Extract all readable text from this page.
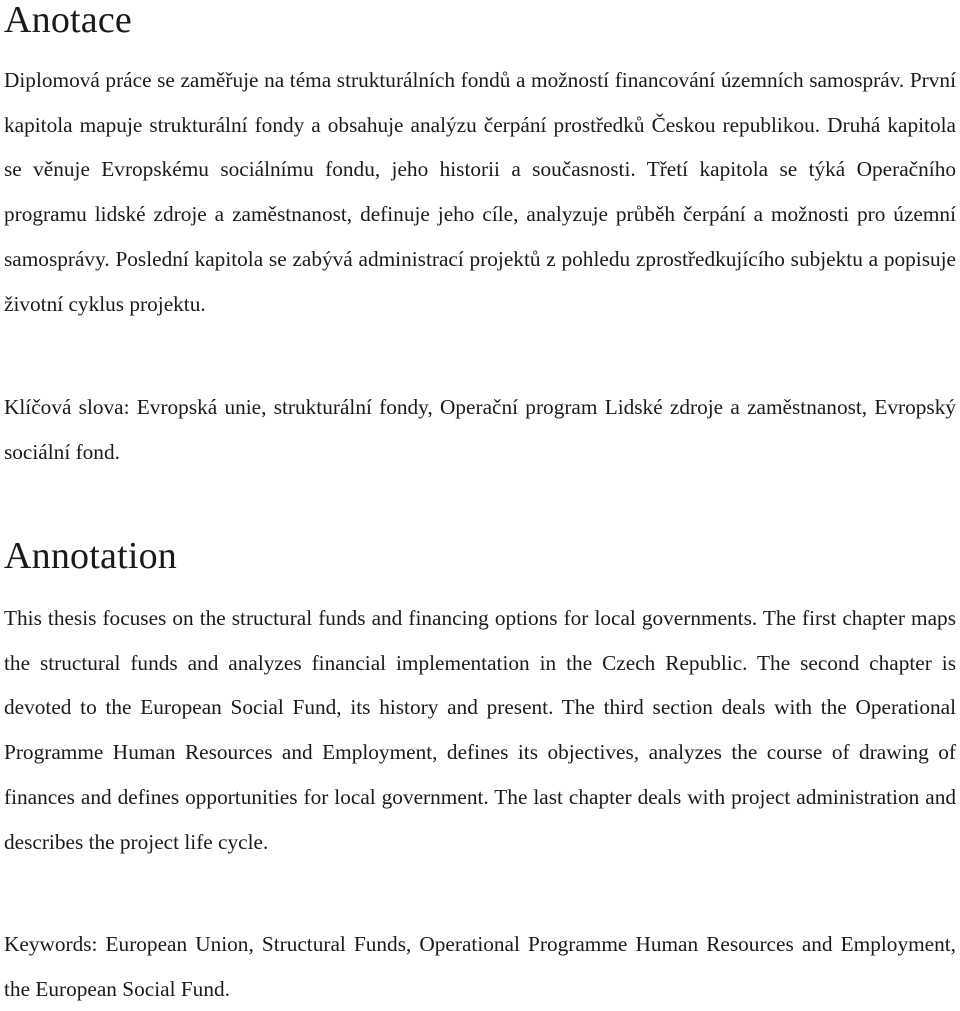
Anotace

Diplomová práce se zaměřuje na téma strukturálních fondů a možností financování územních samospráv. První kapitola mapuje strukturální fondy a obsahuje analýzu čerpání prostředků Českou republikou. Druhá kapitola se věnuje Evropskému sociálnímu fondu, jeho historii a současnosti. Třetí kapitola se týká Operačního programu lidské zdroje a zaměstnanost, definuje jeho cíle, analyzuje průběh čerpání a možnosti pro územní samosprávy. Poslední kapitola se zabývá administrací projektů z pohledu zprostředkujícího subjektu a popisuje životní cyklus projektu.

Klíčová slova: Evropská unie, strukturální fondy, Operační program Lidské zdroje a zaměstnanost, Evropský sociální fond.

Annotation

This thesis focuses on the structural funds and financing options for local governments. The first chapter maps the structural funds and analyzes financial implementation in the Czech Republic. The second chapter is devoted to the European Social Fund, its history and present. The third section deals with the Operational Programme Human Resources and Employment, defines its objectives, analyzes the course of drawing of finances and defines opportunities for local government. The last chapter deals with project administration and describes the project life cycle.

Keywords: European Union, Structural Funds, Operational Programme Human Resources and Employment, the European Social Fund.
